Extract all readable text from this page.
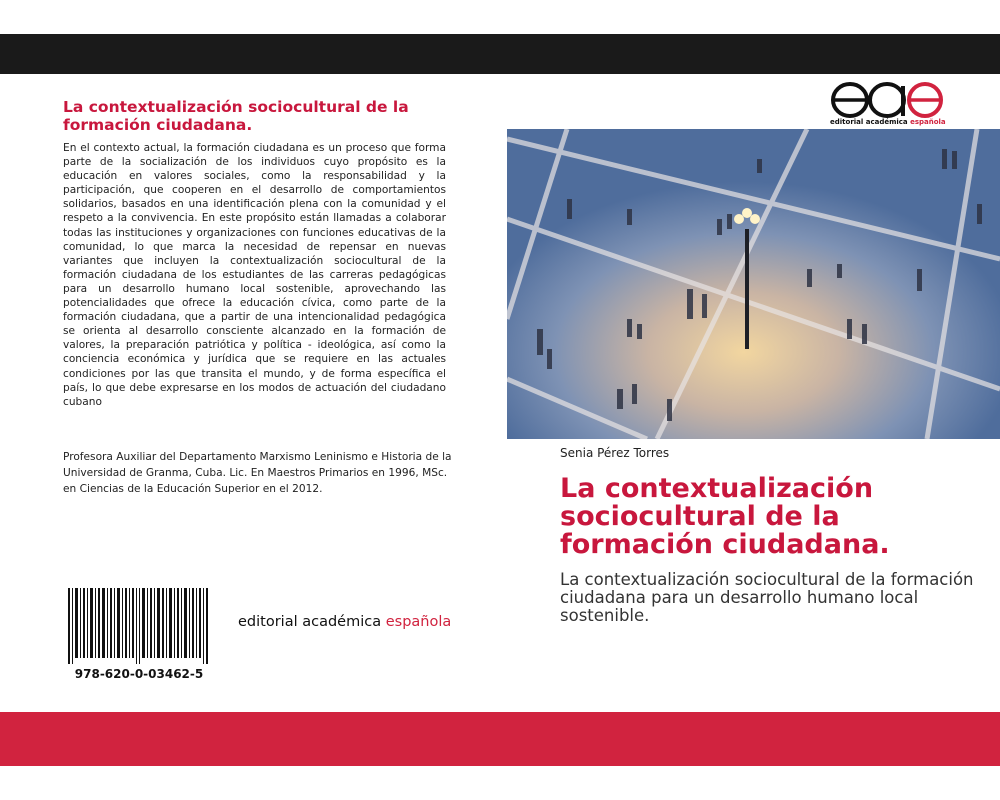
La contextualización sociocultural de la formación ciudadana.

En el contexto actual, la formación ciudadana es un proceso que forma parte de la socialización de los individuos cuyo propósito es la educación en valores sociales, como la responsabilidad y la participación, que cooperen en el desarrollo de comportamientos solidarios, basados en una identificación plena con la comunidad y el respeto a la convivencia. En este propósito están llamadas a colaborar todas las instituciones y organizaciones con funciones educativas de la comunidad, lo que marca la necesidad de repensar en nuevas variantes que incluyen la contextualización sociocultural de la formación ciudadana de los estudiantes de las carreras pedagógicas para un desarrollo humano local sostenible, aprovechando las potencialidades que ofrece la educación cívica, como parte de la formación ciudadana, que a partir de una intencionalidad pedagógica se orienta al desarrollo consciente alcanzado en la formación de valores, la preparación patriótica y política - ideológica, así como la conciencia económica y jurídica que se requiere en las actuales condiciones por las que transita el mundo, y de forma específica el país, lo que debe expresarse en los modos de actuación del ciudadano cubano

Profesora Auxiliar del Departamento Marxismo Leninismo e Historia de la Universidad de Granma, Cuba. Lic. En Maestros Primarios en 1996, MSc. en Ciencias de la Educación Superior en el 2012.

978-620-0-03462-5
editorial académica española
editorial académica española
Senia Pérez Torres
La contextualización sociocultural de la formación ciudadana.

La contextualización sociocultural de la formación ciudadana para un desarrollo humano local sostenible.
